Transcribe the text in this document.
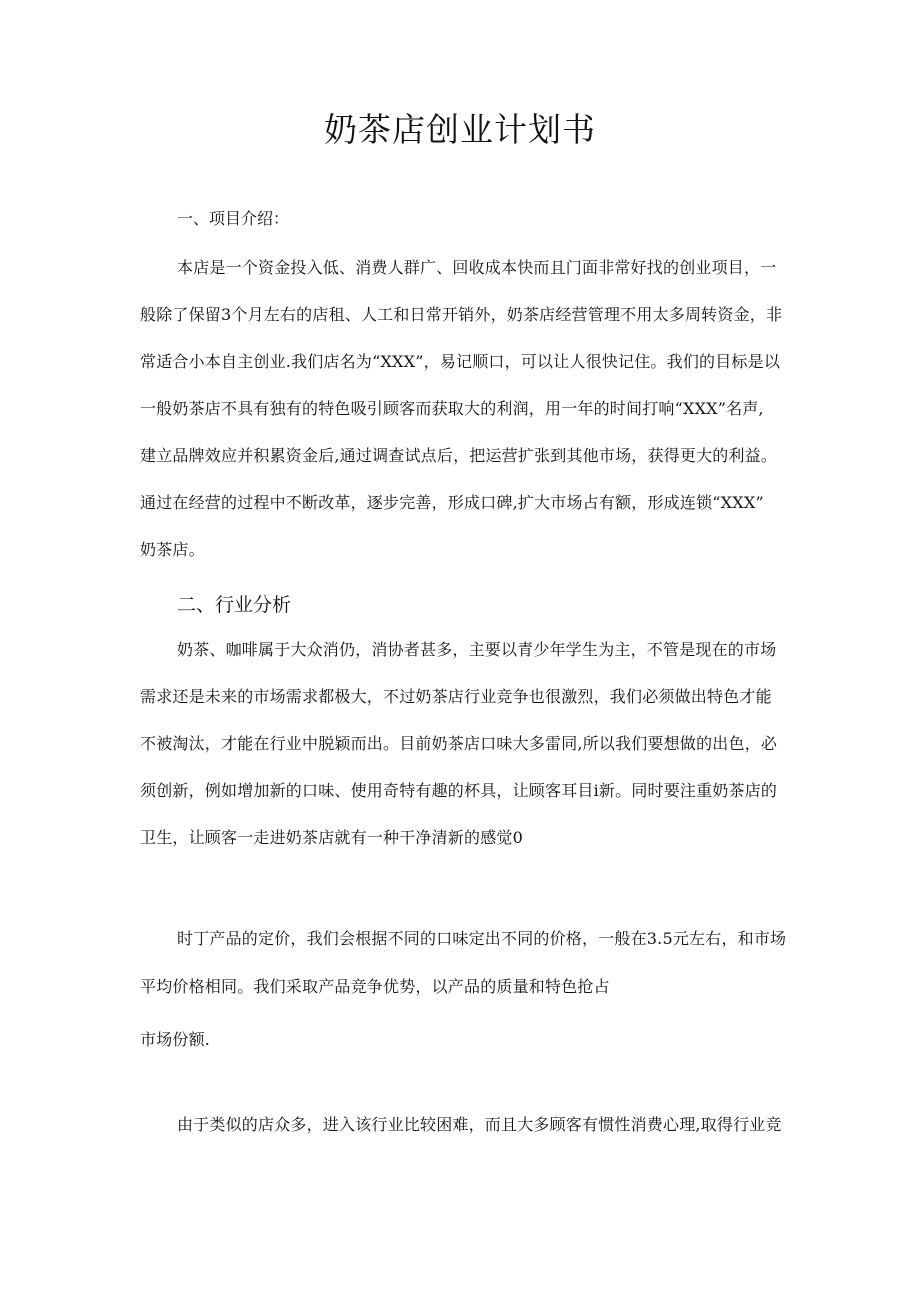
奶茶店创业计划书

一、项目介绍：

本店是一个资金投入低、消费人群广、回收成本快而且门面非常好找的创业项目，一
般除了保留3个月左右的店租、人工和日常开销外，奶茶店经营管理不用太多周转资金，非
常适合小本自主创业.我们店名为“XXX”，易记顺口，可以让人很快记住。我们的目标是以
一般奶茶店不具有独有的特色吸引顾客而获取大的利润，用一年的时间打响“XXX”名声,
建立品牌效应并积累资金后,通过调查试点后，把运营扩张到其他市场，获得更大的利益。
通过在经营的过程中不断改革，逐步完善，形成口碑,扩大市场占有额，形成连锁“XXX”
奶茶店。

二、行业分析

奶茶、咖啡属于大众消仍，消协者甚多，主要以青少年学生为主，不管是现在的市场
需求还是未来的市场需求都极大，不过奶茶店行业竞争也很激烈，我们必须做出特色才能
不被淘汰，才能在行业中脱颖而出。目前奶茶店口味大多雷同,所以我们要想做的出色，必
须创新，例如增加新的口味、使用奇特有趣的杯具，让顾客耳目i新。同时要注重奶茶店的
卫生，让顾客一走进奶茶店就有一种干净清新的感觉0
时丁产品的定价，我们会根据不同的口味定出不同的价格，一般在3.5元左右，和市场
平均价格相同。我们采取产品竞争优势，以产品的质量和特色抢占
市场份额.
由于类似的店众多，进入该行业比较困难，而且大多顾客有惯性消费心理,取得行业竞
